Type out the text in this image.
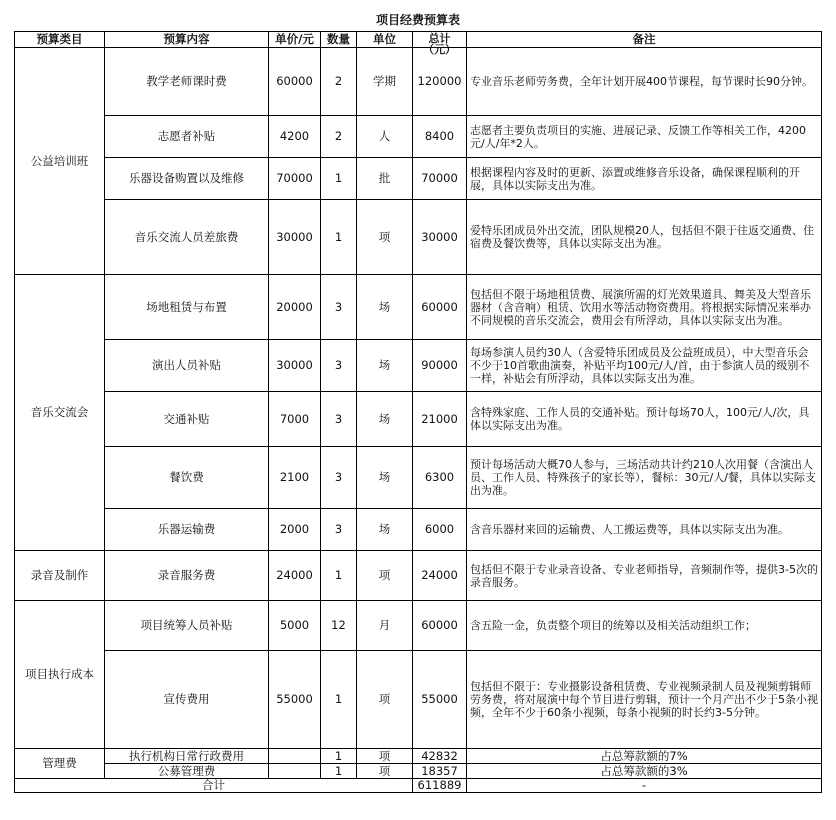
项目经费预算表
预算类目	预算内容	单价/元	数量	单位	总计（元）	备注
公益培训班	教学老师课时费	60000	2	学期	120000	专业音乐老师劳务费，全年计划开展400节课程，每节课时长90分钟。
	志愿者补贴	4200	2	人	8400	志愿者主要负责项目的实施、进展记录、反馈工作等相关工作，4200元/人/年*2人。
	乐器设备购置以及维修	70000	1	批	70000	根据课程内容及时的更新、添置或维修音乐设备，确保课程顺利的开展，具体以实际支出为准。
	音乐交流人员差旅费	30000	1	项	30000	爱特乐团成员外出交流，团队规模20人，包括但不限于往返交通费、住宿费及餐饮费等，具体以实际支出为准。
音乐交流会	场地租赁与布置	20000	3	场	60000	包括但不限于场地租赁费、展演所需的灯光效果道具、舞美及大型音乐器材（含音响）租赁、饮用水等活动物资费用。将根据实际情况来举办不同规模的音乐交流会，费用会有所浮动，具体以实际支出为准。
	演出人员补贴	30000	3	场	90000	每场参演人员约30人（含爱特乐团成员及公益班成员），中大型音乐会不少于10首歌曲演奏，补贴平均100元/人/首，由于参演人员的级别不一样，补贴会有所浮动，具体以实际支出为准。
	交通补贴	7000	3	场	21000	含特殊家庭、工作人员的交通补贴。预计每场70人，100元/人/次，具体以实际支出为准。
	餐饮费	2100	3	场	6300	预计每场活动大概70人参与，三场活动共计约210人次用餐（含演出人员、工作人员、特殊孩子的家长等），餐标：30元/人/餐，具体以实际支出为准。
	乐器运输费	2000	3	场	6000	含音乐器材来回的运输费、人工搬运费等，具体以实际支出为准。
录音及制作	录音服务费	24000	1	项	24000	包括但不限于专业录音设备、专业老师指导，音频制作等，提供3-5次的录音服务。
项目执行成本	项目统筹人员补贴	5000	12	月	60000	含五险一金，负责整个项目的统筹以及相关活动组织工作；
	宣传费用	55000	1	项	55000	包括但不限于：专业摄影设备租赁费、专业视频录制人员及视频剪辑师劳务费，将对展演中每个节目进行剪辑，预计一个月产出不少于5条小视频，全年不少于60条小视频，每条小视频的时长约3-5分钟。
管理费	执行机构日常行政费用		1	项	42832	占总筹款额的7%
	公募管理费		1	项	18357	占总筹款额的3%
合计					611889	-
